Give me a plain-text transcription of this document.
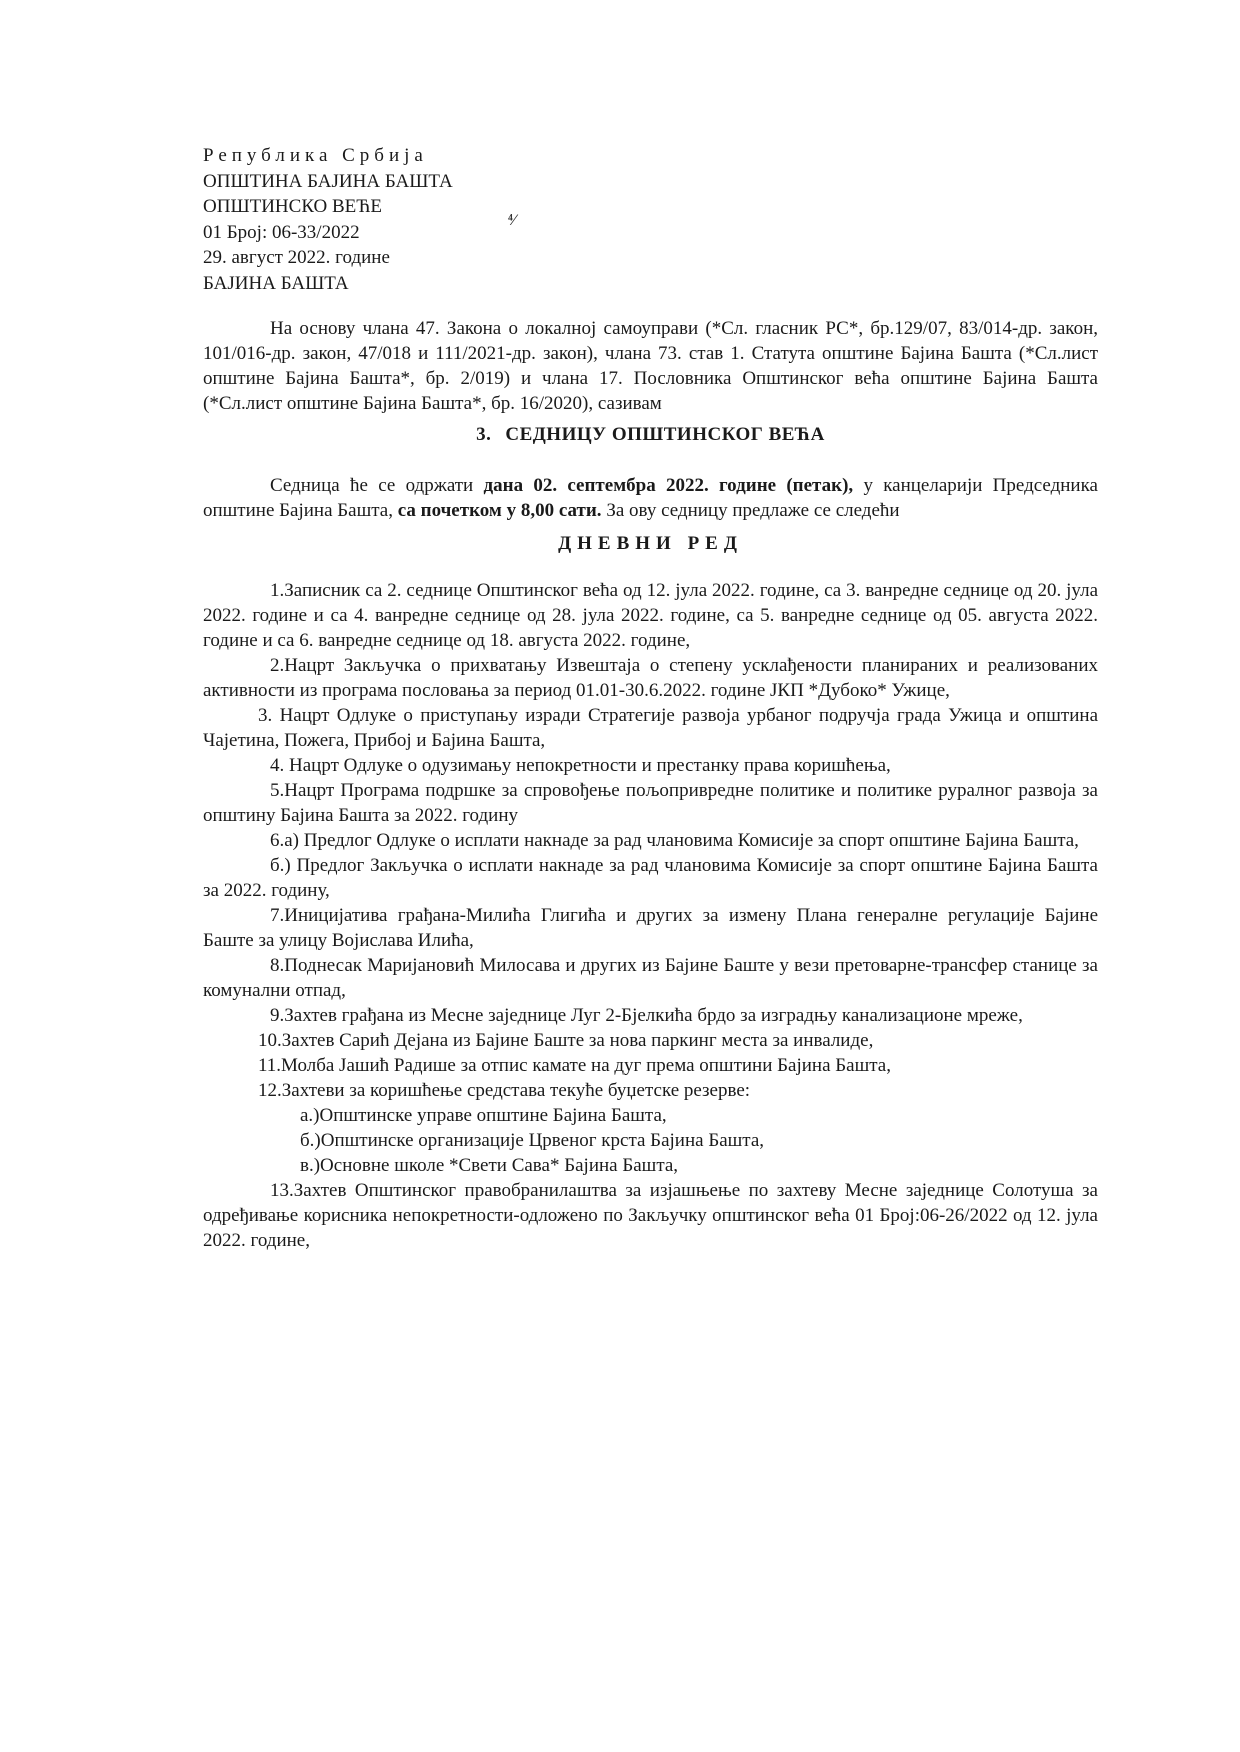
Република Србија
ОПШТИНА БАЈИНА БАШТА
ОПШТИНСКО ВЕЋЕ
01 Број: 06-33/2022
29. август 2022. године
БАЈИНА БАШТА
⁴⁄

На основу члана 47. Закона о локалној самоуправи (*Сл. гласник РС*, бр.129/07, 83/014-др. закон, 101/016-др. закон, 47/018 и 111/2021-др. закон), члана 73. став 1. Статута општине Бајина Башта (*Сл.лист општине Бајина Башта*, бр. 2/019) и члана 17. Пословника Општинског већа општине Бајина Башта (*Сл.лист општине Бајина Башта*, бр. 16/2020), сазивам

3. СЕДНИЦУ ОПШТИНСКОГ ВЕЋА

Седница ће се одржати дана 02. септембра 2022. године (петак), у канцеларији Председника општине Бајина Башта, са почетком у 8,00 сати. За ову седницу предлаже се следећи

ДНЕВНИ РЕД

1.Записник са 2. седнице Општинског већа од 12. јула 2022. године, са 3. ванредне седнице од 20. јула 2022. године и са 4. ванредне седнице од 28. јула 2022. године, са 5. ванредне седнице од 05. августа 2022. године и са 6. ванредне седнице од 18. августа 2022. године,

2.Нацрт Закључка о прихватању Извештаја о степену усклађености планираних и реализованих активности из програма пословања за период 01.01-30.6.2022. године ЈКП *Дубоко* Ужице,

3. Нацрт Одлуке о приступању изради Стратегије развоја урбаног подручја града Ужица и општина Чајетина, Пожега, Прибој и Бајина Башта,

4. Нацрт Одлуке о одузимању непокретности и престанку права коришћења,

5.Нацрт Програма подршке за спровођење пољопривредне политике и политике руралног развоја за општину Бајина Башта за 2022. годину

6.а) Предлог Одлуке о исплати накнаде за рад члановима Комисије за спорт општине Бајина Башта,

б.) Предлог Закључка о исплати накнаде за рад члановима Комисије за спорт општине Бајина Башта за 2022. годину,

7.Иницијатива грађана-Милића Глигића и других за измену Плана генералне регулације Бајине Баште за улицу Војислава Илића,

8.Поднесак Маријановић Милосава и других из Бајине Баште у вези претоварне-трансфер станице за комунални отпад,

9.Захтев грађана из Месне заједнице Луг 2-Бјелкића брдо за изградњу канализационе мреже,

10.Захтев Сарић Дејана из Бајине Баште за нова паркинг места за инвалиде,

11.Молба Јашић Радише за отпис камате на дуг према општини Бајина Башта,

12.Захтеви за коришћење средстава текуће буџетске резерве:

а.)Општинске управе општине Бајина Башта,

б.)Општинске организације Црвеног крста Бајина Башта,

в.)Основне школе *Свети Сава* Бајина Башта,

13.Захтев Општинског правобранилаштва за изјашњење по захтеву Месне заједнице Солотуша за одређивање корисника непокретности-одложено по Закључку општинског већа 01 Број:06-26/2022 од 12. јула 2022. године,
